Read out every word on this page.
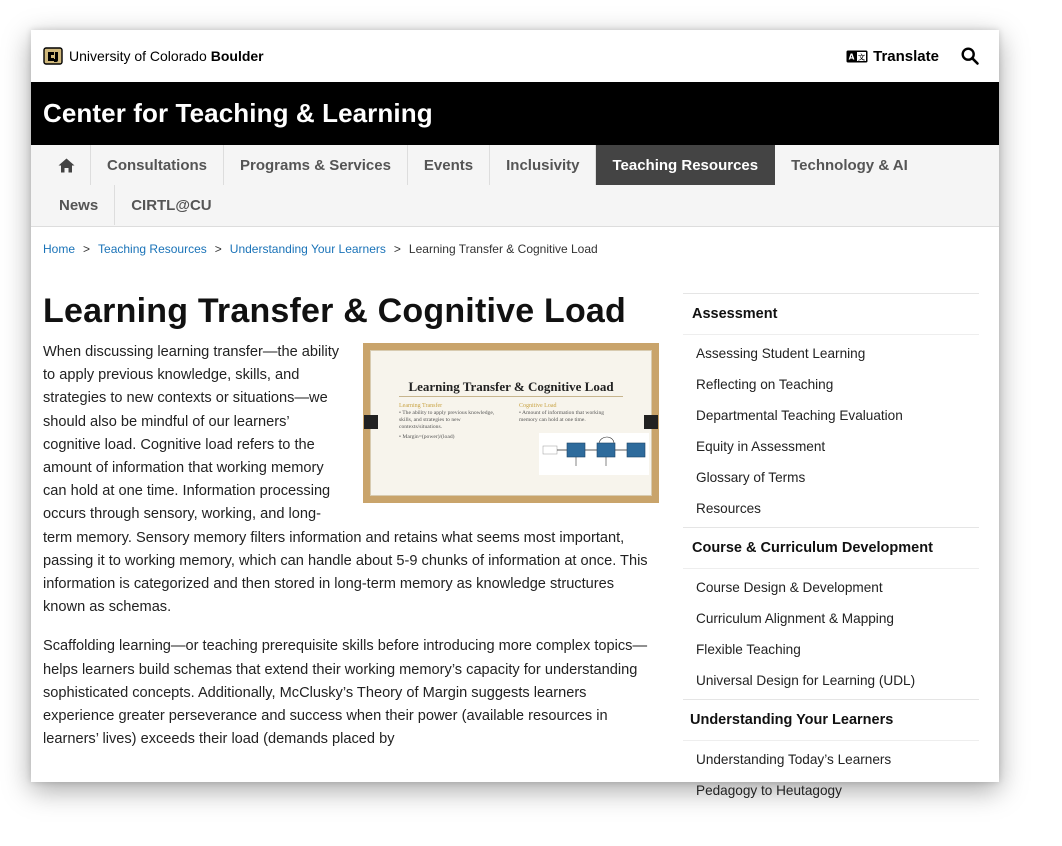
University of Colorado Boulder	A 文 Translate
Center for Teaching & Learning
Consultations	Programs & Services	Events	Inclusivity	Teaching Resources	Technology & AI
News	CIRTL@CU
Home > Teaching Resources > Understanding Your Learners > Learning Transfer & Cognitive Load
Learning Transfer & Cognitive Load
Learning Transfer & Cognitive Load
Learning Transfer
• The ability to apply previous knowledge, skills, and strategies to new contexts/situations.
• Margin=(power)/(load)
Cognitive Load
• Amount of information that working memory can hold at one time.

When discussing learning transfer—the ability to apply previous knowledge, skills, and strategies to new contexts or situations—we should also be mindful of our learners’ cognitive load. Cognitive load refers to the amount of information that working memory can hold at one time. Information processing occurs through sensory, working, and long-term memory. Sensory memory filters information and retains what seems most important, passing it to working memory, which can handle about 5-9 chunks of information at once. This information is categorized and then stored in long-term memory as knowledge structures known as schemas.

Scaffolding learning—or teaching prerequisite skills before introducing more complex topics—helps learners build schemas that extend their working memory’s capacity for understanding sophisticated concepts. Additionally, McClusky’s Theory of Margin suggests learners experience greater perseverance and success when their power (available resources in learners’ lives) exceeds their load (demands placed by

Assessment
Assessing Student Learning
Reflecting on Teaching
Departmental Teaching Evaluation
Equity in Assessment
Glossary of Terms
Resources
Course & Curriculum Development
Course Design & Development
Curriculum Alignment & Mapping
Flexible Teaching
Universal Design for Learning (UDL)
Understanding Your Learners
Understanding Today’s Learners
Pedagogy to Heutagogy
